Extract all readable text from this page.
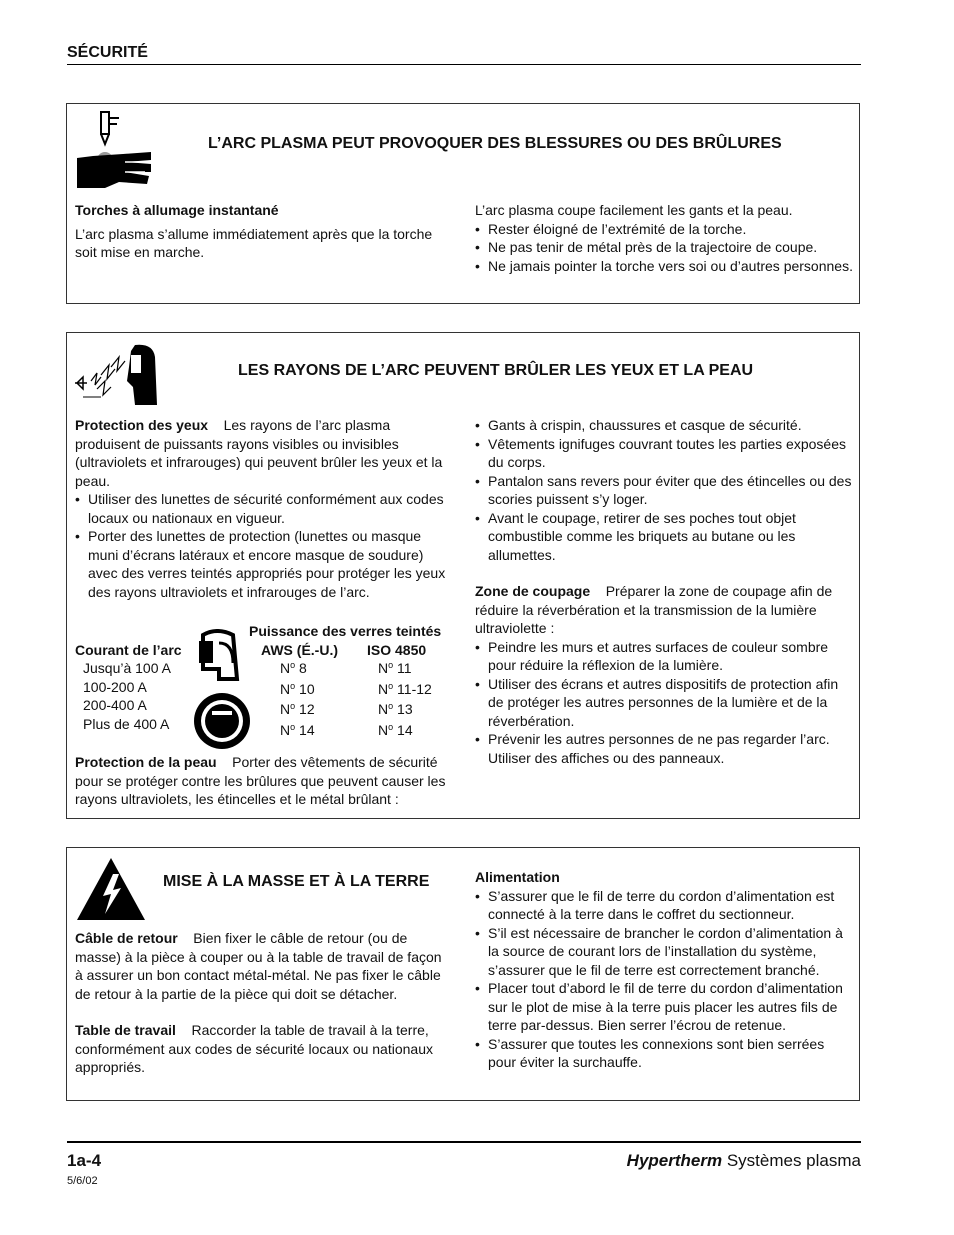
SÉCURITÉ
L’ARC PLASMA PEUT PROVOQUER DES BLESSURES OU DES BRÛLURES
Torches à allumage instantané
L’arc plasma s’allume immédiatement après que la torche soit mise en marche.
L’arc plasma coupe facilement les gants et la peau.
• Rester éloigné de l’extrémité de la torche.
• Ne pas tenir de métal près de la trajectoire de coupe.
• Ne jamais pointer la torche vers soi ou d’autres personnes.
LES RAYONS DE L’ARC PEUVENT BRÛLER LES YEUX ET LA PEAU
Protection des yeux Les rayons de l’arc plasma produisent de puissants rayons visibles ou invisibles (ultraviolets et infrarouges) qui peuvent brûler les yeux et la peau.
• Utiliser des lunettes de sécurité conformément aux codes locaux ou nationaux en vigueur.
• Porter des lunettes de protection (lunettes ou masque muni d’écrans latéraux et encore masque de soudure) avec des verres teintés appropriés pour protéger les yeux des rayons ultraviolets et infrarouges de l’arc.
Puissance des verres teintés
Courant de l’arc	AWS (É.-U.) ISO 4850
Jusqu’à 100 A
100-200 A
200-400 A
Plus de 400 A
$N^o$ 8
$N^o$ 10
$N^o$ 12
$N^o$ 14
$N^o$ 11
$N^o$ 11-12
$N^o$ 13
$N^o$ 14
Protection de la peau Porter des vêtements de sécurité pour se protéger contre les brûlures que peuvent causer les rayons ultraviolets, les étincelles et le métal brûlant :
• Gants à crispin, chaussures et casque de sécurité.
• Vêtements ignifuges couvrant toutes les parties exposées du corps.
• Pantalon sans revers pour éviter que des étincelles ou des scories puissent s’y loger.
• Avant le coupage, retirer de ses poches tout objet combustible comme les briquets au butane ou les allumettes.
Zone de coupage Préparer la zone de coupage afin de réduire la réverbération et la transmission de la lumière ultraviolette :
• Peindre les murs et autres surfaces de couleur sombre pour réduire la réflexion de la lumière.
• Utiliser des écrans et autres dispositifs de protection afin de protéger les autres personnes de la lumière et de la réverbération.
• Prévenir les autres personnes de ne pas regarder l’arc. Utiliser des affiches ou des panneaux.
MISE À LA MASSE ET À LA TERRE
Câble de retour Bien fixer le câble de retour (ou de masse) à la pièce à couper ou à la table de travail de façon à assurer un bon contact métal-métal. Ne pas fixer le câble de retour à la partie de la pièce qui doit se détacher.
Table de travail Raccorder la table de travail à la terre, conformément aux codes de sécurité locaux ou nationaux appropriés.
Alimentation
• S’assurer que le fil de terre du cordon d’alimentation est connecté à la terre dans le coffret du sectionneur.
• S’il est nécessaire de brancher le cordon d’alimentation à la source de courant lors de l’installation du système, s’assurer que le fil de terre est correctement branché.
• Placer tout d’abord le fil de terre du cordon d’alimentation sur le plot de mise à la terre puis placer les autres fils de terre par-dessus. Bien serrer l’écrou de retenue.
• S’assurer que toutes les connexions sont bien serrées pour éviter la surchauffe.
1a-4
5/6/02
Hypertherm Systèmes plasma
